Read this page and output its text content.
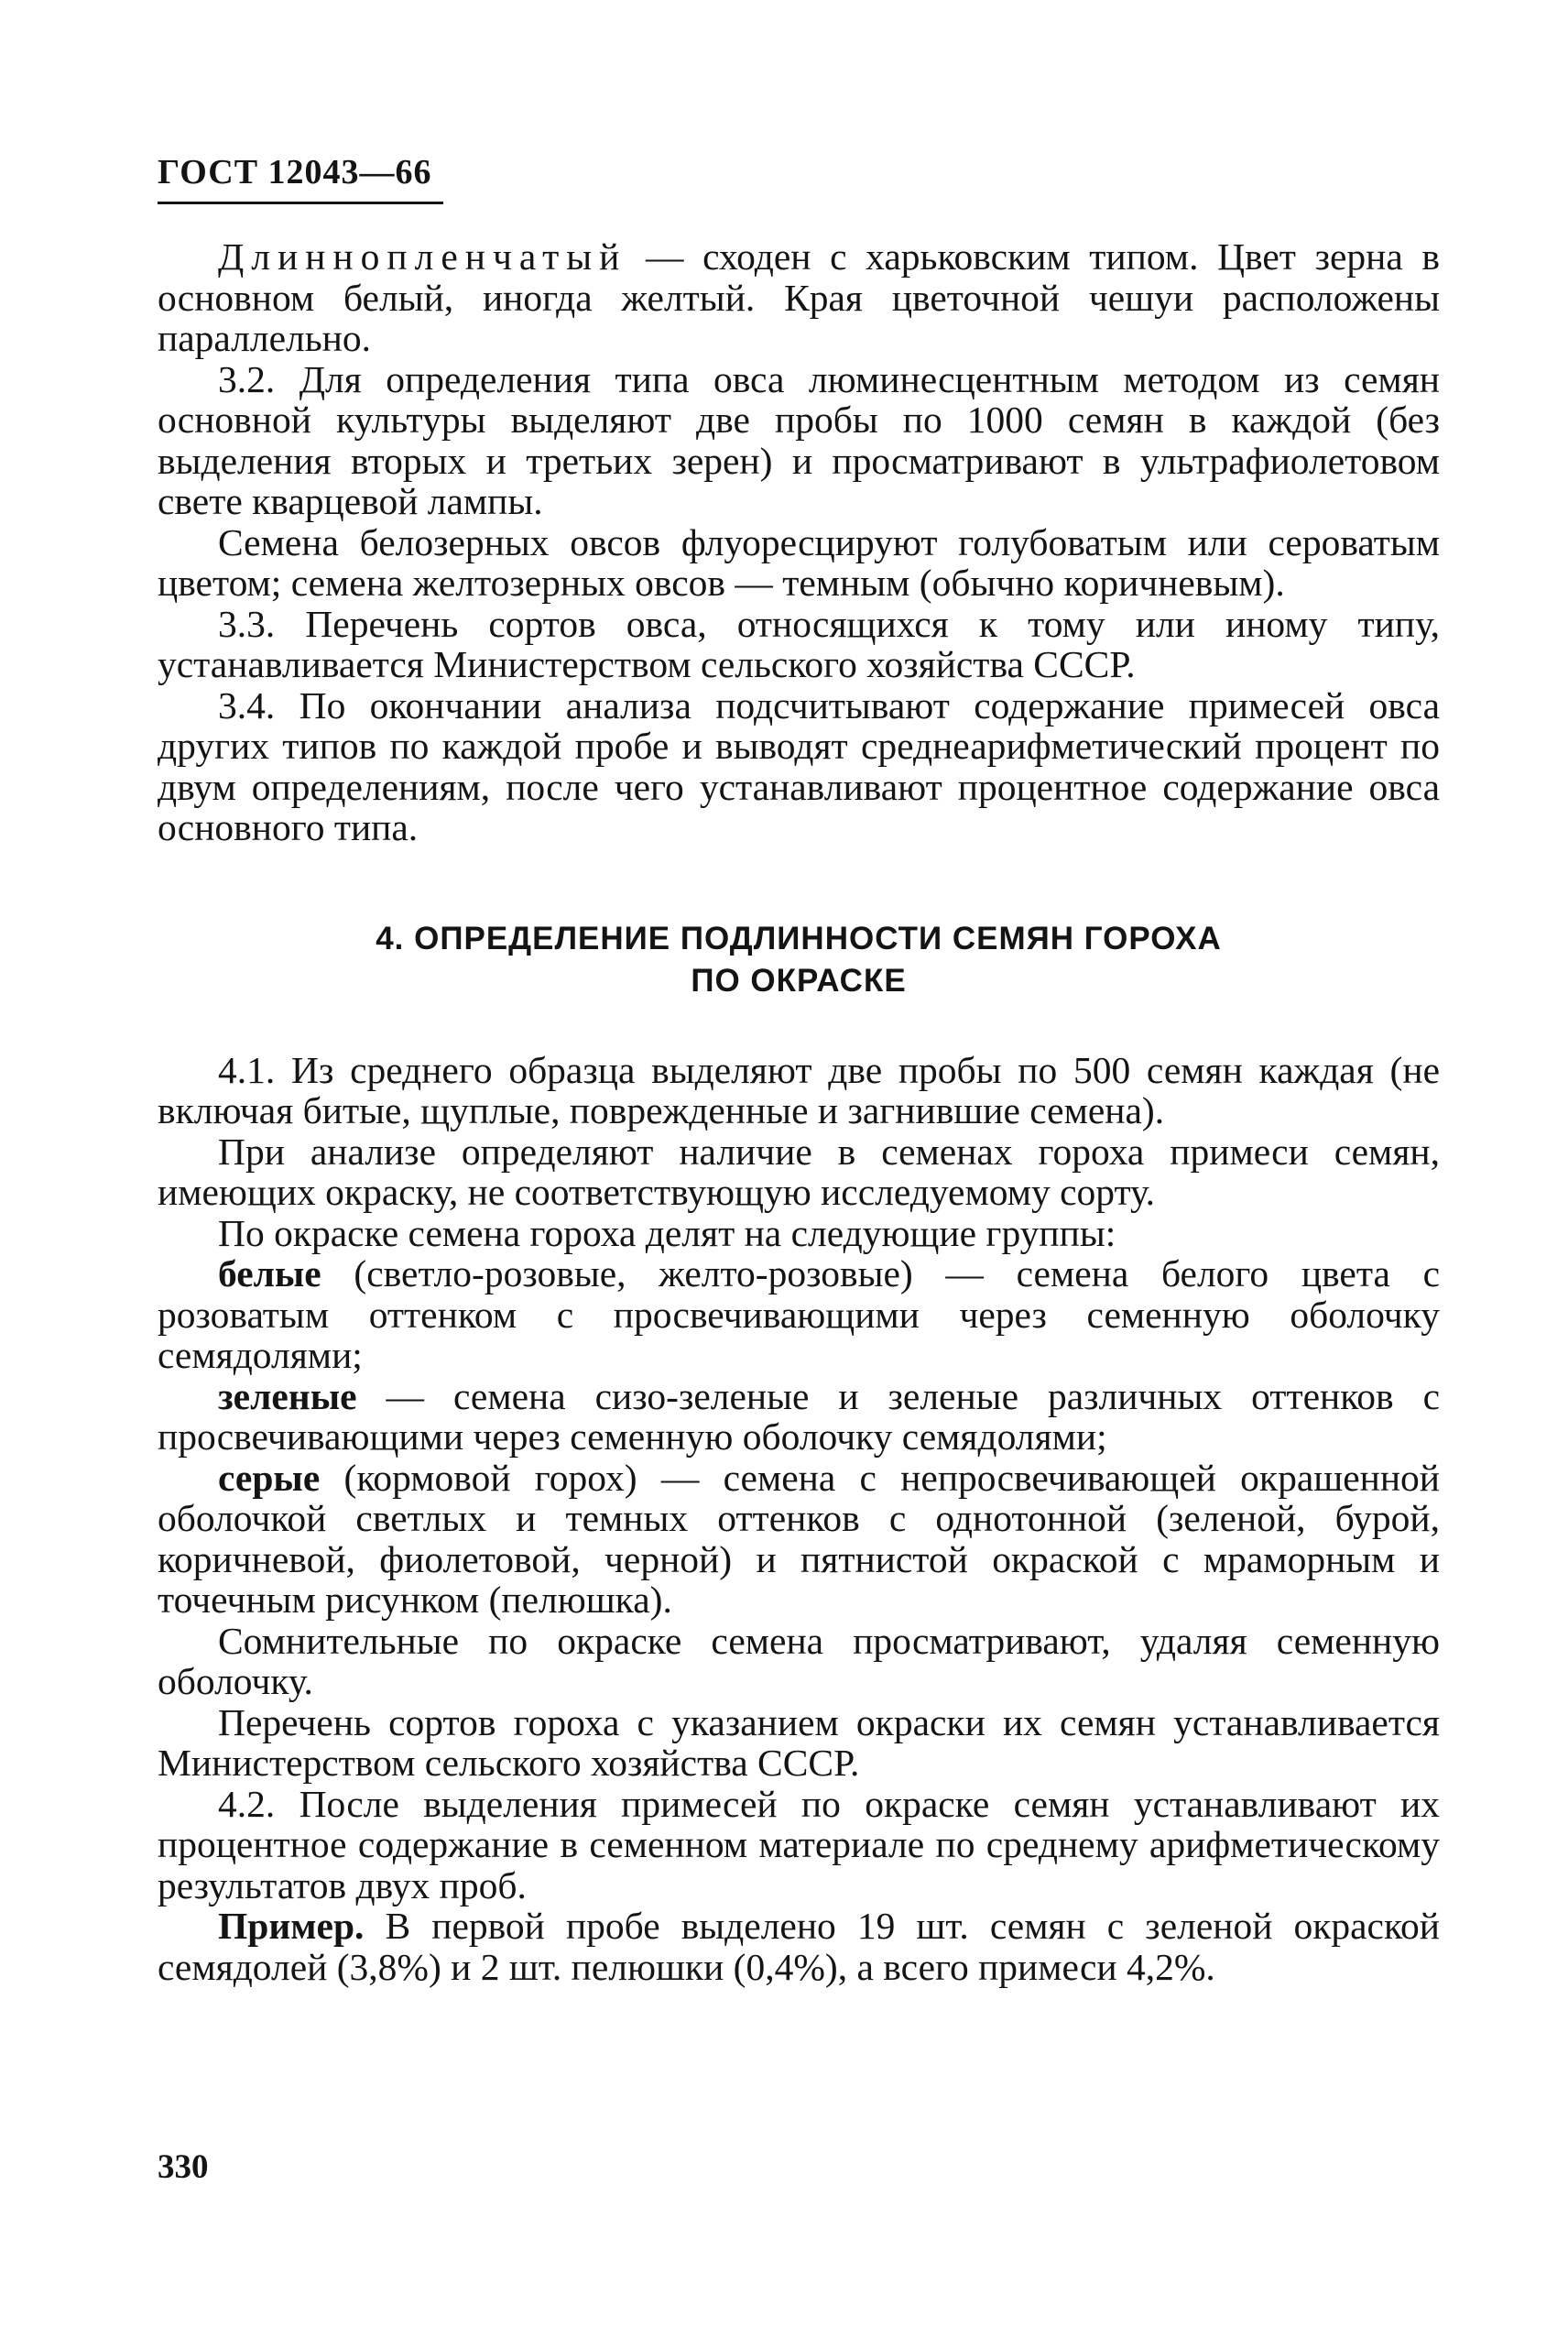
ГОСТ 12043—66

Длиннопленчатый — сходен с харьковским типом. Цвет зерна в основном белый, иногда желтый. Края цветочной чешуи расположены параллельно.

3.2. Для определения типа овса люминесцентным методом из семян основной культуры выделяют две пробы по 1000 семян в каждой (без выделения вторых и третьих зерен) и просматривают в ультрафиолетовом свете кварцевой лампы.

Семена белозерных овсов флуоресцируют голубоватым или сероватым цветом; семена желтозерных овсов — темным (обычно коричневым).

3.3. Перечень сортов овса, относящихся к тому или иному типу, устанавливается Министерством сельского хозяйства СССР.

3.4. По окончании анализа подсчитывают содержание примесей овса других типов по каждой пробе и выводят среднеарифметический процент по двум определениям, после чего устанавливают процентное содержание овса основного типа.

4. ОПРЕДЕЛЕНИЕ ПОДЛИННОСТИ СЕМЯН ГОРОХА
ПО ОКРАСКЕ

4.1. Из среднего образца выделяют две пробы по 500 семян каждая (не включая битые, щуплые, поврежденные и загнившие семена).

При анализе определяют наличие в семенах гороха примеси семян, имеющих окраску, не соответствующую исследуемому сорту.

По окраске семена гороха делят на следующие группы:

белые (светло-розовые, желто-розовые) — семена белого цвета с розоватым оттенком с просвечивающими через семенную оболочку семядолями;

зеленые — семена сизо-зеленые и зеленые различных оттенков с просвечивающими через семенную оболочку семядолями;

серые (кормовой горох) — семена с непросвечивающей окрашенной оболочкой светлых и темных оттенков с однотонной (зеленой, бурой, коричневой, фиолетовой, черной) и пятнистой окраской с мраморным и точечным рисунком (пелюшка).

Сомнительные по окраске семена просматривают, удаляя семенную оболочку.

Перечень сортов гороха с указанием окраски их семян устанавливается Министерством сельского хозяйства СССР.

4.2. После выделения примесей по окраске семян устанавливают их процентное содержание в семенном материале по среднему арифметическому результатов двух проб.

Пример. В первой пробе выделено 19 шт. семян с зеленой окраской семядолей (3,8%) и 2 шт. пелюшки (0,4%), а всего примеси 4,2%.

330
